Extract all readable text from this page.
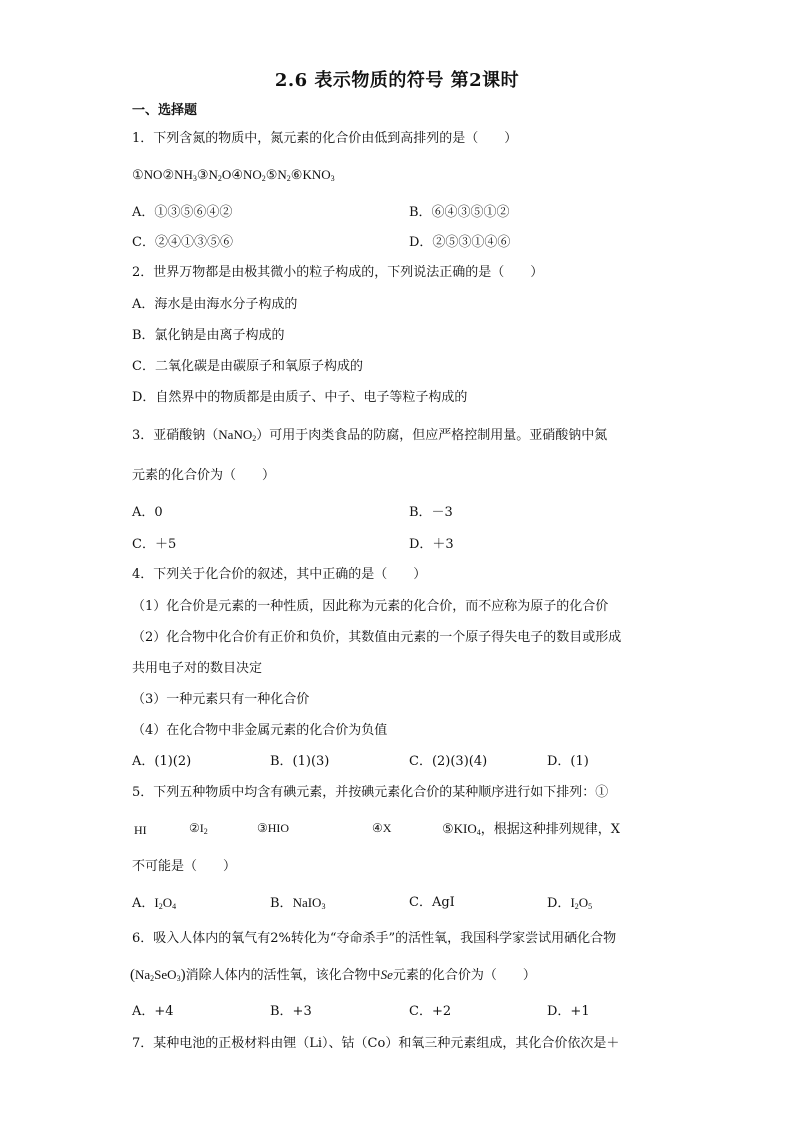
2.6 表示物质的符号 第2课时
一、选择题
1．下列含氮的物质中，氮元素的化合价由低到高排列的是（　　）
$①NO②NH_3③N_2O④NO_2⑤N_2⑥KNO_3$
A．①③⑤⑥④②	B．⑥④③⑤①②
C．②④①③⑤⑥	D．②⑤③①④⑥
2．世界万物都是由极其微小的粒子构成的，下列说法正确的是（　　）
A．海水是由海水分子构成的
B．氯化钠是由离子构成的
C．二氧化碳是由碳原子和氧原子构成的
D．自然界中的物质都是由质子、中子、电子等粒子构成的
3．亚硝酸钠（NaNO$_2$）可用于肉类食品的防腐，但应严格控制用量。亚硝酸钠中氮
元素的化合价为（　　）
A．0	B．－3
C．＋5	D．＋3
4．下列关于化合价的叙述，其中正确的是（　　）
（1）化合价是元素的一种性质，因此称为元素的化合价，而不应称为原子的化合价
（2）化合物中化合价有正价和负价，其数值由元素的一个原子得失电子的数目或形成
共用电子对的数目决定
（3）一种元素只有一种化合价
（4）在化合物中非金属元素的化合价为负值
A．(1)(2)	B．(1)(3)	C．(2)(3)(4)	D．(1)
5．下列五种物质中均含有碘元素，并按碘元素化合价的某种顺序进行如下排列：①
HI	$②I_2$	③HIO	④X	$⑤KIO_4$，根据这种排列规律，X
不可能是（　　）
A．$I_2O_4$	B．NaIO$_3$	C．AgI	D．$I_2O_5$
6．吸入人体内的氧气有2%转化为“夺命杀手”的活性氧，我国科学家尝试用硒化合物
$(Na_2SeO_3)$消除人体内的活性氧，该化合物中Se元素的化合价为（　　）
A．+4	B．+3	C．+2	D．+1
7．某种电池的正极材料由锂（Li）、钴（Co）和氧三种元素组成，其化合价依次是＋
